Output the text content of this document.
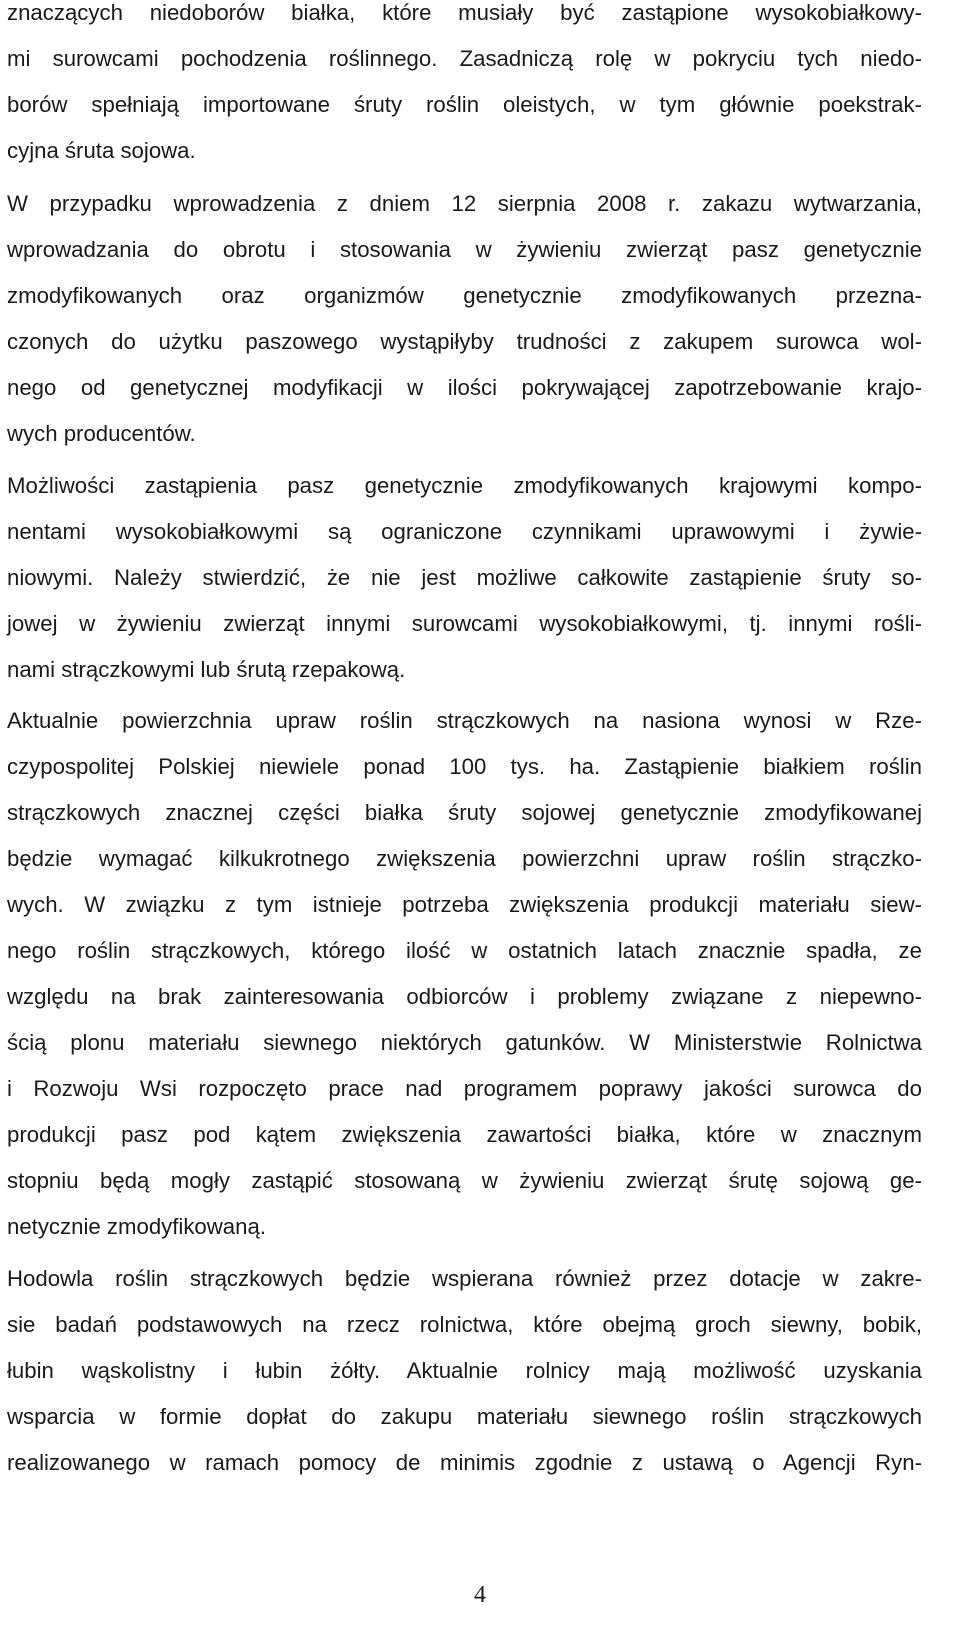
znaczących niedoborów białka, które musiały być zastąpione wysokobiałkowy-
mi surowcami pochodzenia roślinnego. Zasadniczą rolę w pokryciu tych niedo-
borów spełniają importowane śruty roślin oleistych, w tym głównie poekstrak-
cyjna śruta sojowa.
W przypadku wprowadzenia z dniem 12 sierpnia 2008 r. zakazu wytwarzania,
wprowadzania do obrotu i stosowania w żywieniu zwierząt pasz genetycznie
zmodyfikowanych oraz organizmów genetycznie zmodyfikowanych przezna-
czonych do użytku paszowego wystąpiłyby trudności z zakupem surowca wol-
nego od genetycznej modyfikacji w ilości pokrywającej zapotrzebowanie krajo-
wych producentów.
Możliwości zastąpienia pasz genetycznie zmodyfikowanych krajowymi kompo-
nentami wysokobiałkowymi są ograniczone czynnikami uprawowymi i żywie-
niowymi. Należy stwierdzić, że nie jest możliwe całkowite zastąpienie śruty so-
jowej w żywieniu zwierząt innymi surowcami wysokobiałkowymi, tj. innymi rośli-
nami strączkowymi lub śrutą rzepakową.
Aktualnie powierzchnia upraw roślin strączkowych na nasiona wynosi w Rze-
czypospolitej Polskiej niewiele ponad 100 tys. ha. Zastąpienie białkiem roślin
strączkowych znacznej części białka śruty sojowej genetycznie zmodyfikowanej
będzie wymagać kilkukrotnego zwiększenia powierzchni upraw roślin strączko-
wych. W związku z tym istnieje potrzeba zwiększenia produkcji materiału siew-
nego roślin strączkowych, którego ilość w ostatnich latach znacznie spadła, ze
względu na brak zainteresowania odbiorców i problemy związane z niepewno-
ścią plonu materiału siewnego niektórych gatunków. W Ministerstwie Rolnictwa
i Rozwoju Wsi rozpoczęto prace nad programem poprawy jakości surowca do
produkcji pasz pod kątem zwiększenia zawartości białka, które w znacznym
stopniu będą mogły zastąpić stosowaną w żywieniu zwierząt śrutę sojową ge-
netycznie zmodyfikowaną.
Hodowla roślin strączkowych będzie wspierana również przez dotacje w zakre-
sie badań podstawowych na rzecz rolnictwa, które obejmą groch siewny, bobik,
łubin wąskolistny i łubin żółty. Aktualnie rolnicy mają możliwość uzyskania
wsparcia w formie dopłat do zakupu materiału siewnego roślin strączkowych
realizowanego w ramach pomocy de minimis zgodnie z ustawą o Agencji Ryn-
4
